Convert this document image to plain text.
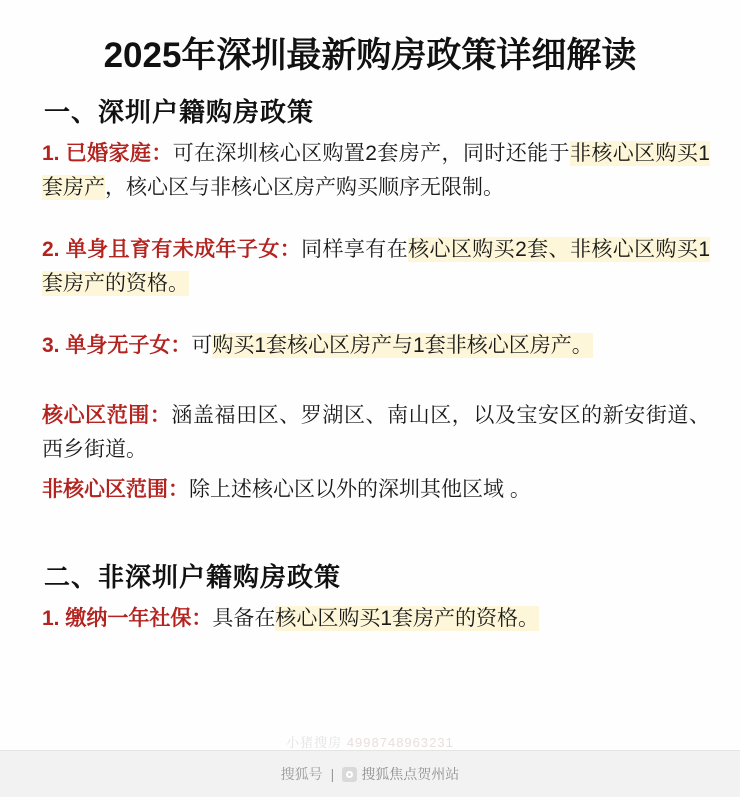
2025年深圳最新购房政策详细解读
一、深圳户籍购房政策

1. 已婚家庭：可在深圳核心区购置2套房产，同时还能于非核心区购买1套房产，核心区与非核心区房产购买顺序无限制。

2. 单身且育有未成年子女：同样享有在核心区购买2套、非核心区购买1套房产的资格。

3. 单身无子女：可购买1套核心区房产与1套非核心区房产。

核心区范围：涵盖福田区、罗湖区、南山区，以及宝安区的新安街道、西乡街道。

非核心区范围：除上述核心区以外的深圳其他区域 。

二、非深圳户籍购房政策

1. 缴纳一年社保：具备在核心区购买1套房产的资格。

小猪搜房 4998748963231
搜狐号 | 搜狐焦点贺州站
